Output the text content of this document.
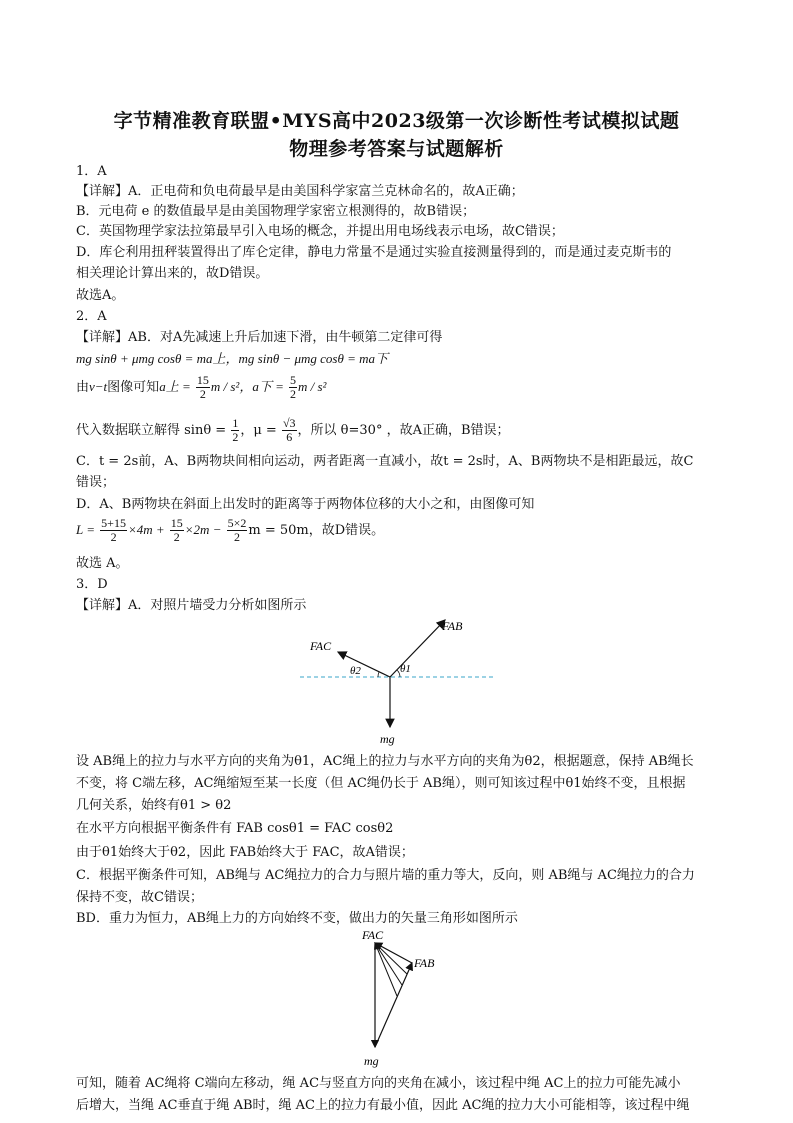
字节精准教育联盟•MYS高中2023级第一次诊断性考试模拟试题
物理参考答案与试题解析
1．A
【详解】A．正电荷和负电荷最早是由美国科学家富兰克林命名的，故A正确；
B．元电荷 e 的数值最早是由美国物理学家密立根测得的，故B错误；
C．英国物理学家法拉第最早引入电场的概念，并提出用电场线表示电场，故C错误；
D．库仑利用扭秤装置得出了库仑定律，静电力常量不是通过实验直接测量得到的，而是通过麦克斯韦的
相关理论计算出来的，故D错误。
故选A。
2．A
【详解】AB．对A先减速上升后加速下滑，由牛顿第二定律可得
mg sinθ + μmg cosθ = ma上，mg sinθ − μmg cosθ = ma下
由v−t图像可知a上 = $\frac{15}{2}$ m / s²，a下 = $\frac{5}{2}$ m / s²
代入数据联立解得 $\sin\theta = \frac{1}{2}$ ，$\mu = \frac{√3}{6}$ ，所以 θ=30° ，故A正确，B错误；
C．t = 2s前，A、B两物块间相向运动，两者距离一直减小，故t = 2s时，A、B两物块不是相距最远，故C
错误；
D．A、B两物块在斜面上出发时的距离等于两物体位移的大小之和，由图像可知
$L = \frac{5+15}{2} \times 4m + \frac{15}{2} \times 2m - \frac{5\times 2}{2}$ m = 50m，故D错误。
故选 A。
3．D
【详解】A．对照片墙受力分析如图所示
FAB
FAC
θ1
θ2
mg
设 AB绳上的拉力与水平方向的夹角为θ1，AC绳上的拉力与水平方向的夹角为θ2，根据题意，保持 AB绳长
不变，将 C端左移，AC绳缩短至某一长度（但 AC绳仍长于 AB绳），则可知该过程中θ1始终不变，且根据
几何关系，始终有θ1 > θ2
在水平方向根据平衡条件有 FAB cosθ1 = FAC cosθ2
由于θ1始终大于θ2，因此 FAB始终大于 FAC，故A错误；
C．根据平衡条件可知，AB绳与 AC绳拉力的合力与照片墙的重力等大，反向，则 AB绳与 AC绳拉力的合力
保持不变，故C错误；
BD．重力为恒力，AB绳上力的方向始终不变，做出力的矢量三角形如图所示
FAC
FAB
mg
可知，随着 AC绳将 C端向左移动，绳 AC与竖直方向的夹角在减小，该过程中绳 AC上的拉力可能先减小
后增大，当绳 AC垂直于绳 AB时，绳 AC上的拉力有最小值，因此 AC绳的拉力大小可能相等，该过程中绳
